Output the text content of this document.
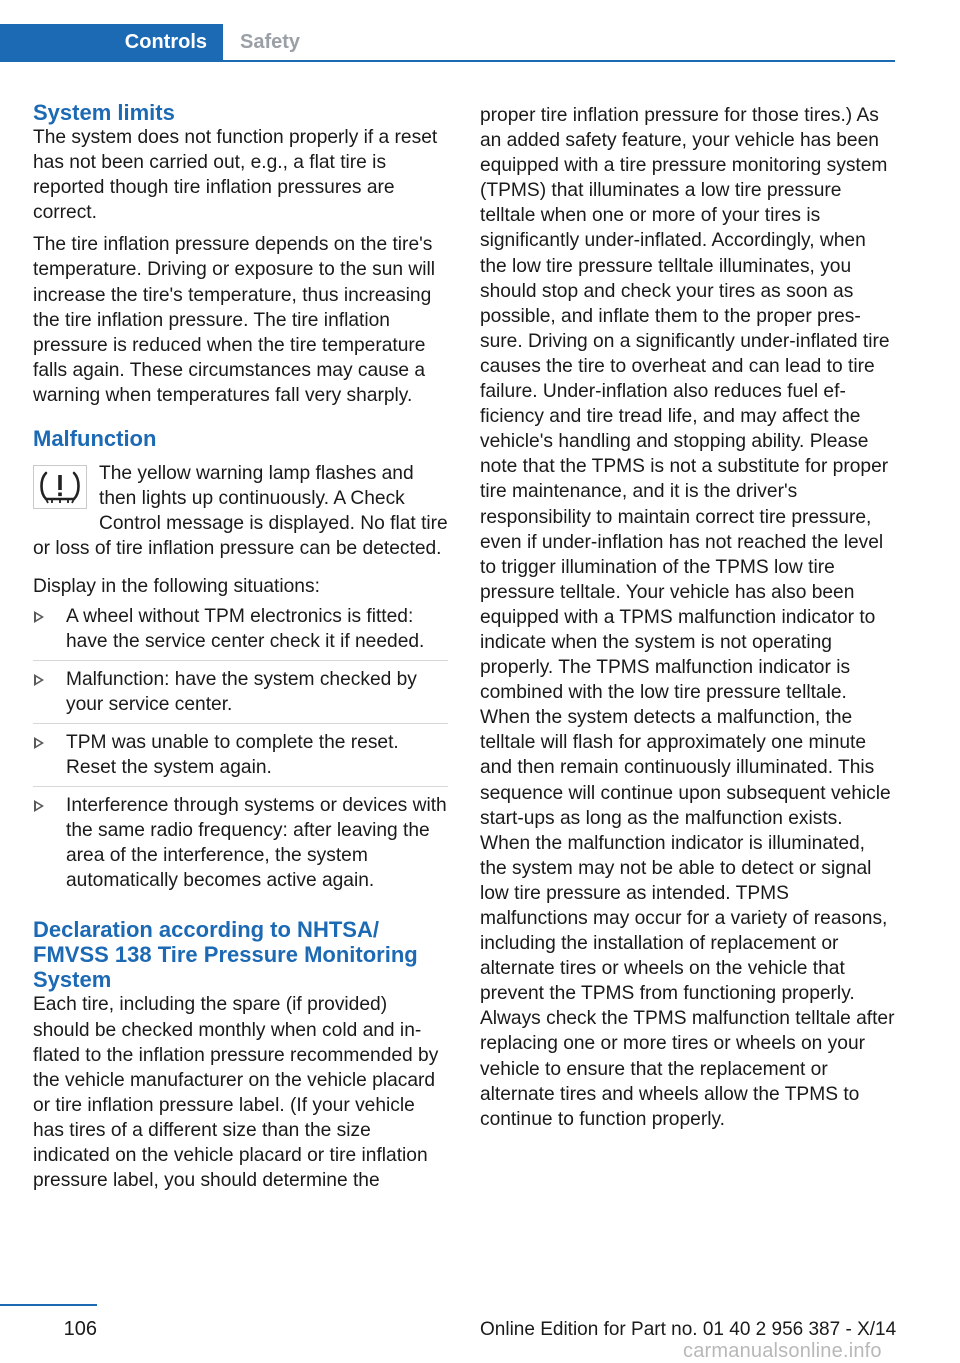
Controls	Safety
System limits

The system does not function properly if a reset has not been carried out, e.g., a flat tire is reported though tire inflation pressures are correct.

The tire inflation pressure depends on the tire's temperature. Driving or exposure to the sun will increase the tire's temperature, thus increasing the tire inflation pressure. The tire inflation pressure is reduced when the tire temperature falls again. These circumstances may cause a warning when temperatures fall very sharply.

Malfunction

The yellow warning lamp flashes and then lights up continuously. A Check Control message is displayed. No flat tire or loss of tire inflation pressure can be detected.

Display in the following situations:

A wheel without TPM electronics is fitted: have the service center check it if needed.
Malfunction: have the system checked by your service center.
TPM was unable to complete the reset. Reset the system again.
Interference through systems or devices with the same radio frequency: after leaving the area of the interference, the system automatically becomes active again.
Declaration according to NHTSA/ FMVSS 138 Tire Pressure Monitoring System

Each tire, including the spare (if provided) should be checked monthly when cold and inflated to the inflation pressure recommended by the vehicle manufacturer on the vehicle placard or tire inflation pressure label. (If your vehicle has tires of a different size than the size indicated on the vehicle placard or tire inflation pressure label, you should determine the

proper tire inflation pressure for those tires.) As an added safety feature, your vehicle has been equipped with a tire pressure monitoring system (TPMS) that illuminates a low tire pressure telltale when one or more of your tires is significantly under-inflated. Accordingly, when the low tire pressure telltale illuminates, you should stop and check your tires as soon as possible, and inflate them to the proper pressure. Driving on a significantly under-inflated tire causes the tire to overheat and can lead to tire failure. Under-inflation also reduces fuel efficiency and tire tread life, and may affect the vehicle's handling and stopping ability. Please note that the TPMS is not a substitute for proper tire maintenance, and it is the driver's responsibility to maintain correct tire pressure, even if under-inflation has not reached the level to trigger illumination of the TPMS low tire pressure telltale. Your vehicle has also been equipped with a TPMS malfunction indicator to indicate when the system is not operating properly. The TPMS malfunction indicator is combined with the low tire pressure telltale. When the system detects a malfunction, the telltale will flash for approximately one minute and then remain continuously illuminated. This sequence will continue upon subsequent vehicle start-ups as long as the malfunction exists. When the malfunction indicator is illuminated, the system may not be able to detect or signal low tire pressure as intended. TPMS malfunctions may occur for a variety of reasons, including the installation of replacement or alternate tires or wheels on the vehicle that prevent the TPMS from functioning properly. Always check the TPMS malfunction telltale after replacing one or more tires or wheels on your vehicle to ensure that the replacement or alternate tires and wheels allow the TPMS to continue to function properly.

106	Online Edition for Part no. 01 40 2 956 387 - X/14
carmanualsonline.info
